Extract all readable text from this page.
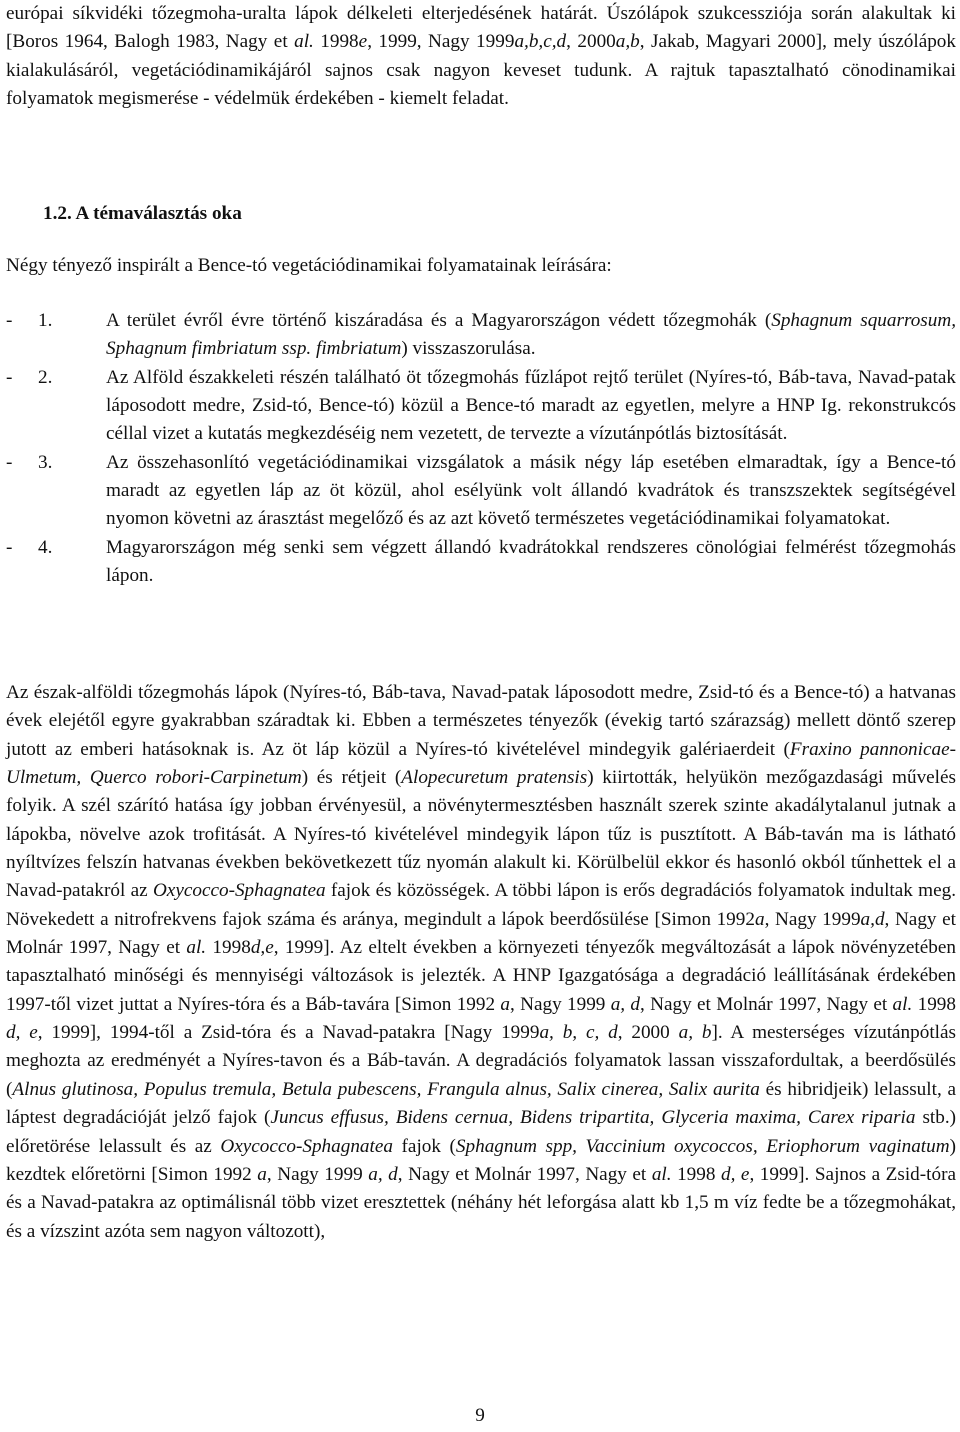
európai síkvidéki tőzegmoha-uralta lápok délkeleti elterjedésének határát. Úszólápok szukcessziója során alakultak ki [Boros 1964, Balogh 1983, Nagy et al. 1998e, 1999, Nagy 1999a,b,c,d, 2000a,b, Jakab, Magyari 2000], mely úszólápok kialakulásáról, vegetációdinamikájáról sajnos csak nagyon keveset tudunk. A rajtuk tapasztalható cönodinamikai folyamatok megismerése - védelmük érdekében - kiemelt feladat.

1.2. A témaválasztás oka

Négy tényező inspirált a Bence-tó vegetációdinamikai folyamatainak leírására:

- 1.	A terület évről évre történő kiszáradása és a Magyarországon védett tőzegmohák (Sphagnum squarrosum, Sphagnum fimbriatum ssp. fimbriatum) visszaszorulása.

- 2.	Az Alföld északkeleti részén található öt tőzegmohás fűzlápot rejtő terület (Nyíres-tó, Báb-tava, Navad-patak láposodott medre, Zsid-tó, Bence-tó) közül a Bence-tó maradt az egyetlen, melyre a HNP Ig. rekonstrukcós céllal vizet a kutatás megkezdéséig nem vezetett, de tervezte a vízutánpótlás biztosítását.

- 3.	Az összehasonlító vegetációdinamikai vizsgálatok a másik négy láp esetében elmaradtak, így a Bence-tó maradt az egyetlen láp az öt közül, ahol esélyünk volt állandó kvadrátok és transzszektek segítségével nyomon követni az árasztást megelőző és az azt követő természetes vegetációdinamikai folyamatokat.

- 4.	Magyarországon még senki sem végzett állandó kvadrátokkal rendszeres cönológiai felmérést tőzegmohás lápon.

Az észak-alföldi tőzegmohás lápok (Nyíres-tó, Báb-tava, Navad-patak láposodott medre, Zsid-tó és a Bence-tó) a hatvanas évek elejétől egyre gyakrabban száradtak ki. Ebben a természetes tényezők (évekig tartó szárazság) mellett döntő szerep jutott az emberi hatásoknak is. Az öt láp közül a Nyíres-tó kivételével mindegyik galériaerdeit (Fraxino pannonicae-Ulmetum, Querco robori-Carpinetum) és rétjeit (Alopecuretum pratensis) kiirtották, helyükön mezőgazdasági művelés folyik. A szél szárító hatása így jobban érvényesül, a növénytermesztésben használt szerek szinte akadálytalanul jutnak a lápokba, növelve azok trofitását. A Nyíres-tó kivételével mindegyik lápon tűz is pusztított. A Báb-taván ma is látható nyíltvízes felszín hatvanas években bekövetkezett tűz nyomán alakult ki. Körülbelül ekkor és hasonló okból tűnhettek el a Navad-patakról az Oxycocco-Sphagnatea fajok és közösségek. A többi lápon is erős degradációs folyamatok indultak meg. Növekedett a nitrofrekvens fajok száma és aránya, megindult a lápok beerdősülése [Simon 1992a, Nagy 1999a,d, Nagy et Molnár 1997, Nagy et al. 1998d,e, 1999]. Az eltelt években a környezeti tényezők megváltozását a lápok növényzetében tapasztalható minőségi és mennyiségi változások is jelezték. A HNP Igazgatósága a degradáció leállításának érdekében 1997-től vizet juttat a Nyíres-tóra és a Báb-tavára [Simon 1992 a, Nagy 1999 a, d, Nagy et Molnár 1997, Nagy et al. 1998 d, e, 1999], 1994-től a Zsid-tóra és a Navad-patakra [Nagy 1999a, b, c, d, 2000 a, b]. A mesterséges vízutánpótlás meghozta az eredményét a Nyíres-tavon és a Báb-taván. A degradációs folyamatok lassan visszafordultak, a beerdősülés (Alnus glutinosa, Populus tremula, Betula pubescens, Frangula alnus, Salix cinerea, Salix aurita és hibridjeik) lelassult, a láptest degradációját jelző fajok (Juncus effusus, Bidens cernua, Bidens tripartita, Glyceria maxima, Carex riparia stb.) előretörése lelassult és az Oxycocco-Sphagnatea fajok (Sphagnum spp, Vaccinium oxycoccos, Eriophorum vaginatum) kezdtek előretörni [Simon 1992 a, Nagy 1999 a, d, Nagy et Molnár 1997, Nagy et al. 1998 d, e, 1999]. Sajnos a Zsid-tóra és a Navad-patakra az optimálisnál több vizet eresztettek (néhány hét leforgása alatt kb 1,5 m víz fedte be a tőzegmohákat, és a vízszint azóta sem nagyon változott),

9
